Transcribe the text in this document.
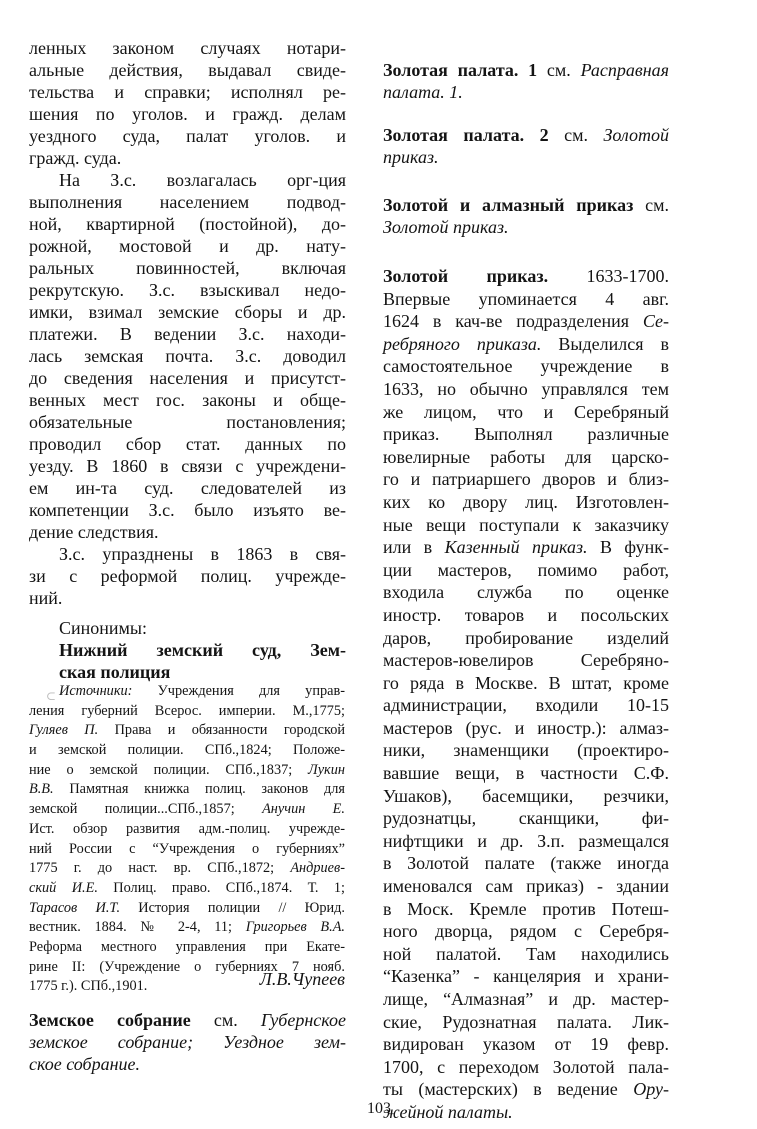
ленных законом случаях нотари-
альные действия, выдавал свиде-
тельства и справки; исполнял ре-
шения по уголов. и гражд. делам
уездного суда, палат уголов. и
гражд. суда.
На З.с. возлагалась орг-ция
выполнения населением подвод-
ной, квартирной (постойной), до-
рожной, мостовой и др. нату-
ральных повинностей, включая
рекрутскую. З.с. взыскивал недо-
имки, взимал земские сборы и др.
платежи. В ведении З.с. находи-
лась земская почта. З.с. доводил
до сведения населения и присутст-
венных мест гос. законы и обще-
обязательные постановления;
проводил сбор стат. данных по
уезду. В 1860 в связи с учреждени-
ем ин-та суд. следователей из
компетенции З.с. было изъято ве-
дение следствия.
З.с. упразднены в 1863 в свя-
зи с реформой полиц. учрежде-
ний.
Синонимы:
Нижний земский суд, Зем-
ская полиция
Источники: Учреждения для управ-
ления губерний Всерос. империи. М.,1775;
Гуляев П. Права и обязанности городской
и земской полиции. СПб.,1824; Положе-
ние о земской полиции. СПб.,1837; Лукин
В.В. Памятная книжка полиц. законов для
земской полиции...СПб.,1857; Анучин Е.
Ист. обзор развития адм.-полиц. учрежде-
ний России с “Учреждения о губерниях”
1775 г. до наст. вр. СПб.,1872; Андриев-
ский И.Е. Полиц. право. СПб.,1874. Т. 1;
Тарасов И.Т. История полиции // Юрид.
вестник. 1884. № 2-4, 11; Григорьев В.А.
Реформа местного управления при Екате-
рине II: (Учреждение о губерниях 7 нояб.
1775 г.). СПб.,1901.
⊂
Л.В.Чупеев
Земское собрание см. Губернское
земское собрание; Уездное зем-
ское собрание.
Золотая палата. 1 см. Расправная
палата. 1.
Золотая палата. 2 см. Золотой
приказ.
Золотой и алмазный приказ см.
Золотой приказ.
Золотой приказ. 1633-1700.
Впервые упоминается 4 авг.
1624 в кач-ве подразделения Се-
ребряного приказа. Выделился в
самостоятельное учреждение в
1633, но обычно управлялся тем
же лицом, что и Серебряный
приказ. Выполнял различные
ювелирные работы для царско-
го и патриаршего дворов и близ-
ких ко двору лиц. Изготовлен-
ные вещи поступали к заказчику
или в Казенный приказ. В функ-
ции мастеров, помимо работ,
входила служба по оценке
иностр. товаров и посольских
даров, пробирование изделий
мастеров-ювелиров Серебряно-
го ряда в Москве. В штат, кроме
администрации, входили 10-15
мастеров (рус. и иностр.): алмаз-
ники, знаменщики (проектиро-
вавшие вещи, в частности С.Ф.
Ушаков), басемщики, резчики,
рудознатцы, сканщики, фи-
нифтщики и др. З.п. размещался
в Золотой палате (также иногда
именовался сам приказ) - здании
в Моск. Кремле против Потеш-
ного дворца, рядом с Серебря-
ной палатой. Там находились
“Казенка” - канцелярия и храни-
лище, “Алмазная” и др. мастер-
ские, Рудознатная палата. Лик-
видирован указом от 19 февр.
1700, с переходом Золотой пала-
ты (мастерских) в ведение Ору-
жейной палаты.
103
